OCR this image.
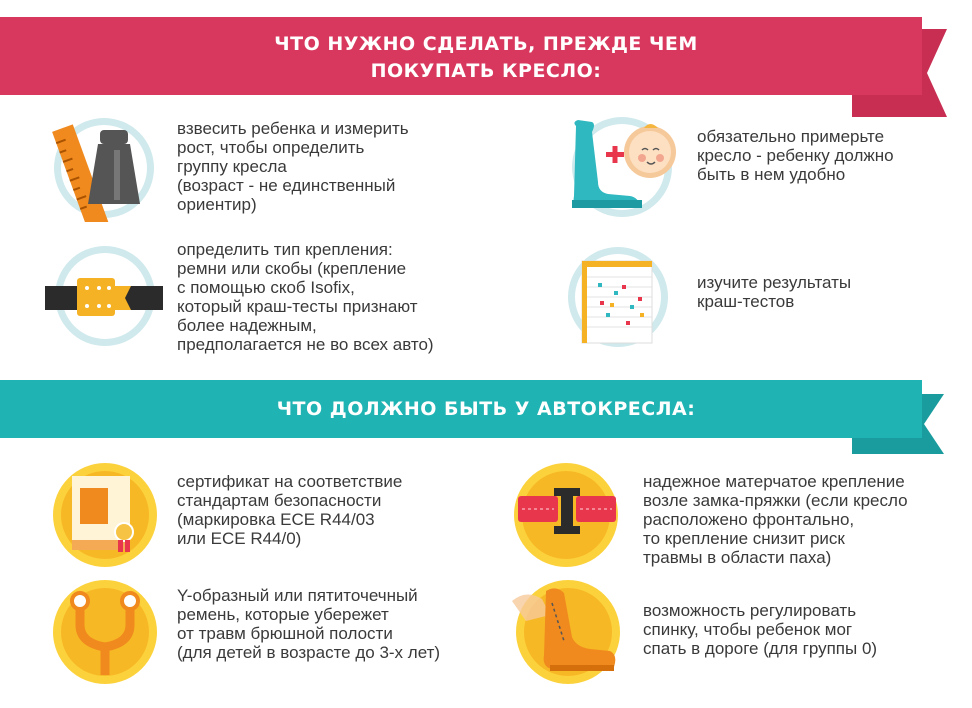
ЧТО НУЖНО СДЕЛАТЬ, ПРЕЖДЕ ЧЕМ
ПОКУПАТЬ КРЕСЛО:
взвесить ребенка и измерить
рост, чтобы определить
группу кресла
(возраст - не единственный
ориентир)
обязательно примерьте
кресло - ребенку должно
быть в нем удобно
определить тип крепления:
ремни или скобы (крепление
с помощью скоб Isofix,
который краш-тесты признают
более надежным,
предполагается не во всех авто)
изучите результаты
краш-тестов
ЧТО ДОЛЖНО БЫТЬ У АВТОКРЕСЛА:
сертификат на соответствие
стандартам безопасности
(маркировка ECE R44/03
или ECE R44/0)
надежное матерчатое крепление
возле замка-пряжки (если кресло
расположено фронтально,
то крепление снизит риск
травмы в области паха)
Y-образный или пятиточечный
ремень, которые убережет
от травм брюшной полости
(для детей в возрасте до 3-х лет)
возможность регулировать
спинку, чтобы ребенок мог
спать в дороге (для группы 0)
